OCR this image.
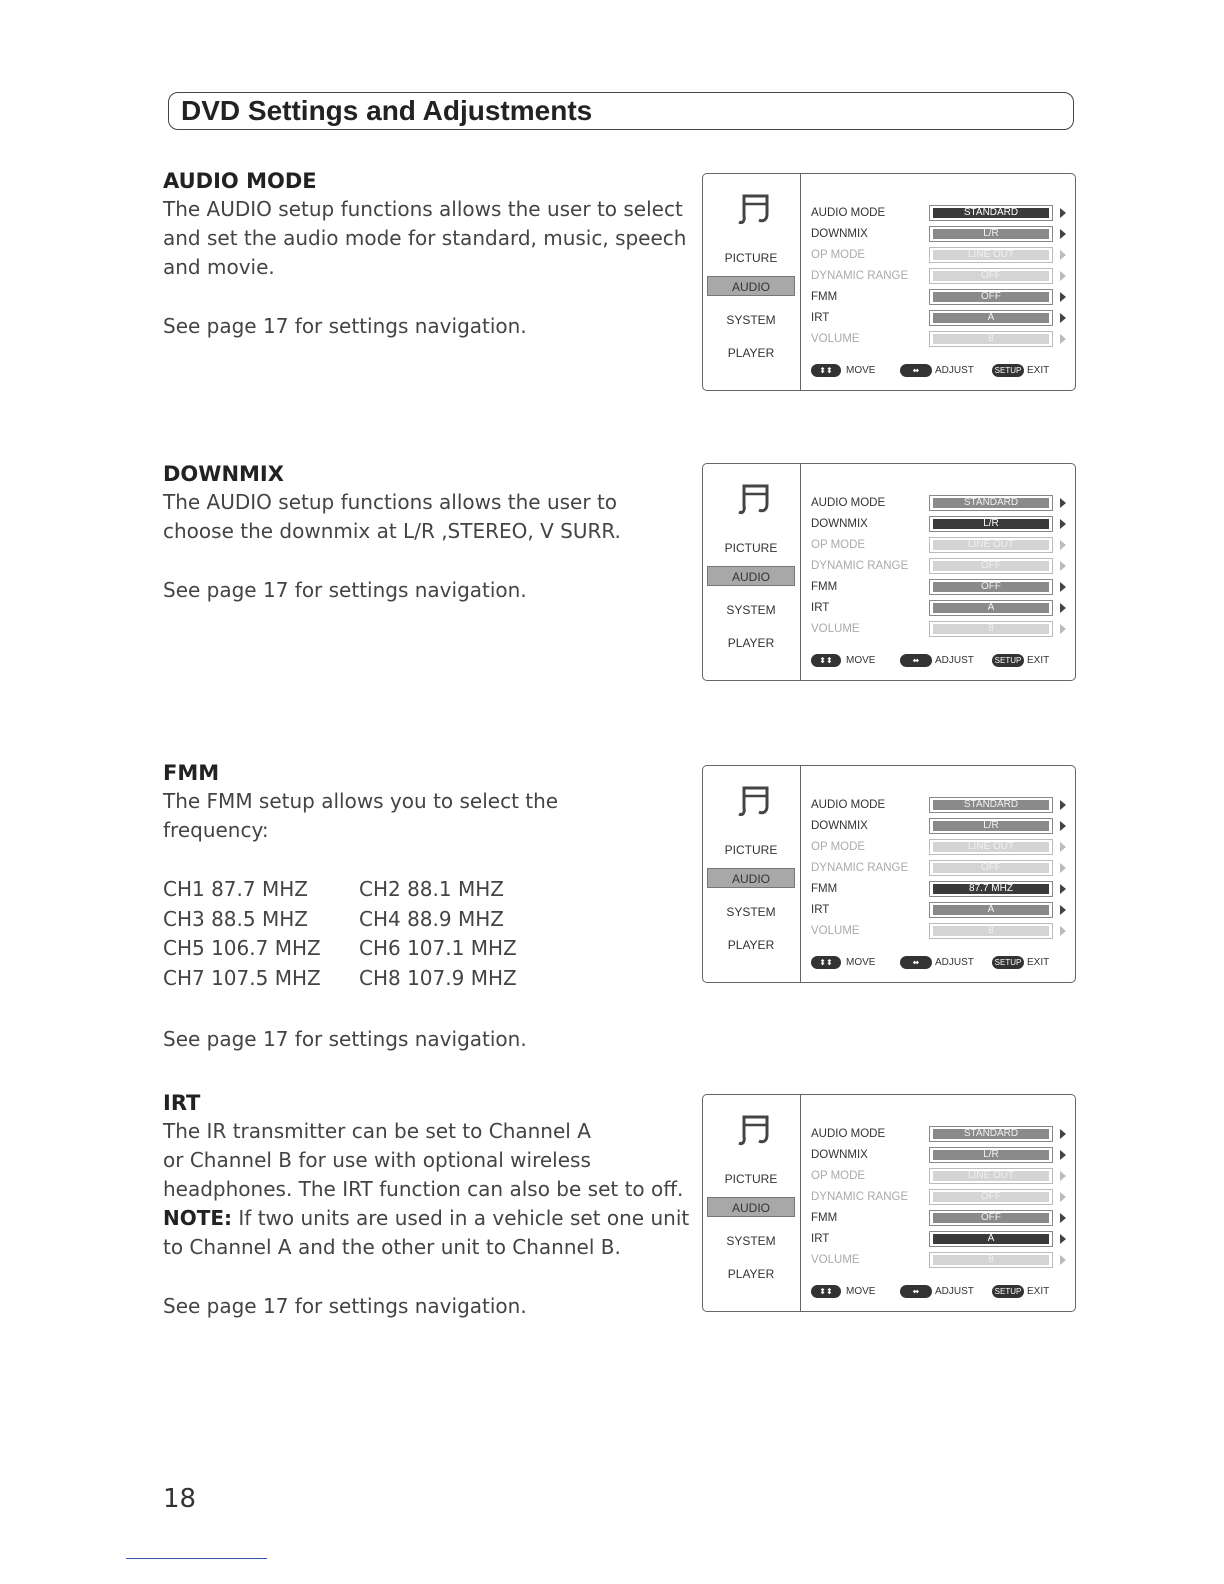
DVD Settings and Adjustments
AUDIO MODE

The AUDIO setup functions allows the user to select

and set the audio mode for standard, music, speech

and movie.

See page 17 for settings navigation.

DOWNMIX

The AUDIO setup functions allows the user to

choose the downmix at L/R ,STEREO, V SURR.

See page 17 for settings navigation.

FMM

The FMM setup allows you to select the

frequency:

CH1 87.7 MHZ	CH2 88.1 MHZ
CH3 88.5 MHZ	CH4 88.9 MHZ
CH5 106.7 MHZ	CH6 107.1 MHZ
CH7 107.5 MHZ	CH8 107.9 MHZ

See page 17 for settings navigation.

IRT

The IR transmitter can be set to Channel A

or Channel B for use with optional wireless

headphones. The IRT function can also be set to off.

NOTE: If two units are used in a vehicle set one unit

to Channel A and the other unit to Channel B.

See page 17 for settings navigation.

PICTURE
AUDIO
SYSTEM
PLAYER
AUDIO MODE	STANDARD
DOWNMIX	L/R
OP MODE	LINE OUT
DYNAMIC RANGE	OFF
FMM	OFF
IRT	A
VOLUME	8
⬍⬍	MOVE	⬌	ADJUST	SETUP EXIT
PICTURE
AUDIO
SYSTEM
PLAYER
AUDIO MODE	STANDARD
DOWNMIX	L/R
OP MODE	LINE OUT
DYNAMIC RANGE	OFF
FMM	OFF
IRT	A
VOLUME	8
⬍⬍	MOVE	⬌	ADJUST	SETUP EXIT
PICTURE
AUDIO
SYSTEM
PLAYER
AUDIO MODE	STANDARD
DOWNMIX	L/R
OP MODE	LINE OUT
DYNAMIC RANGE	OFF
FMM	87.7 MHZ
IRT	A
VOLUME	8
⬍⬍	MOVE	⬌	ADJUST	SETUP EXIT
PICTURE
AUDIO
SYSTEM
PLAYER
AUDIO MODE	STANDARD
DOWNMIX	L/R
OP MODE	LINE OUT
DYNAMIC RANGE	OFF
FMM	OFF
IRT	A
VOLUME	8
⬍⬍	MOVE	⬌	ADJUST	SETUP EXIT
18
